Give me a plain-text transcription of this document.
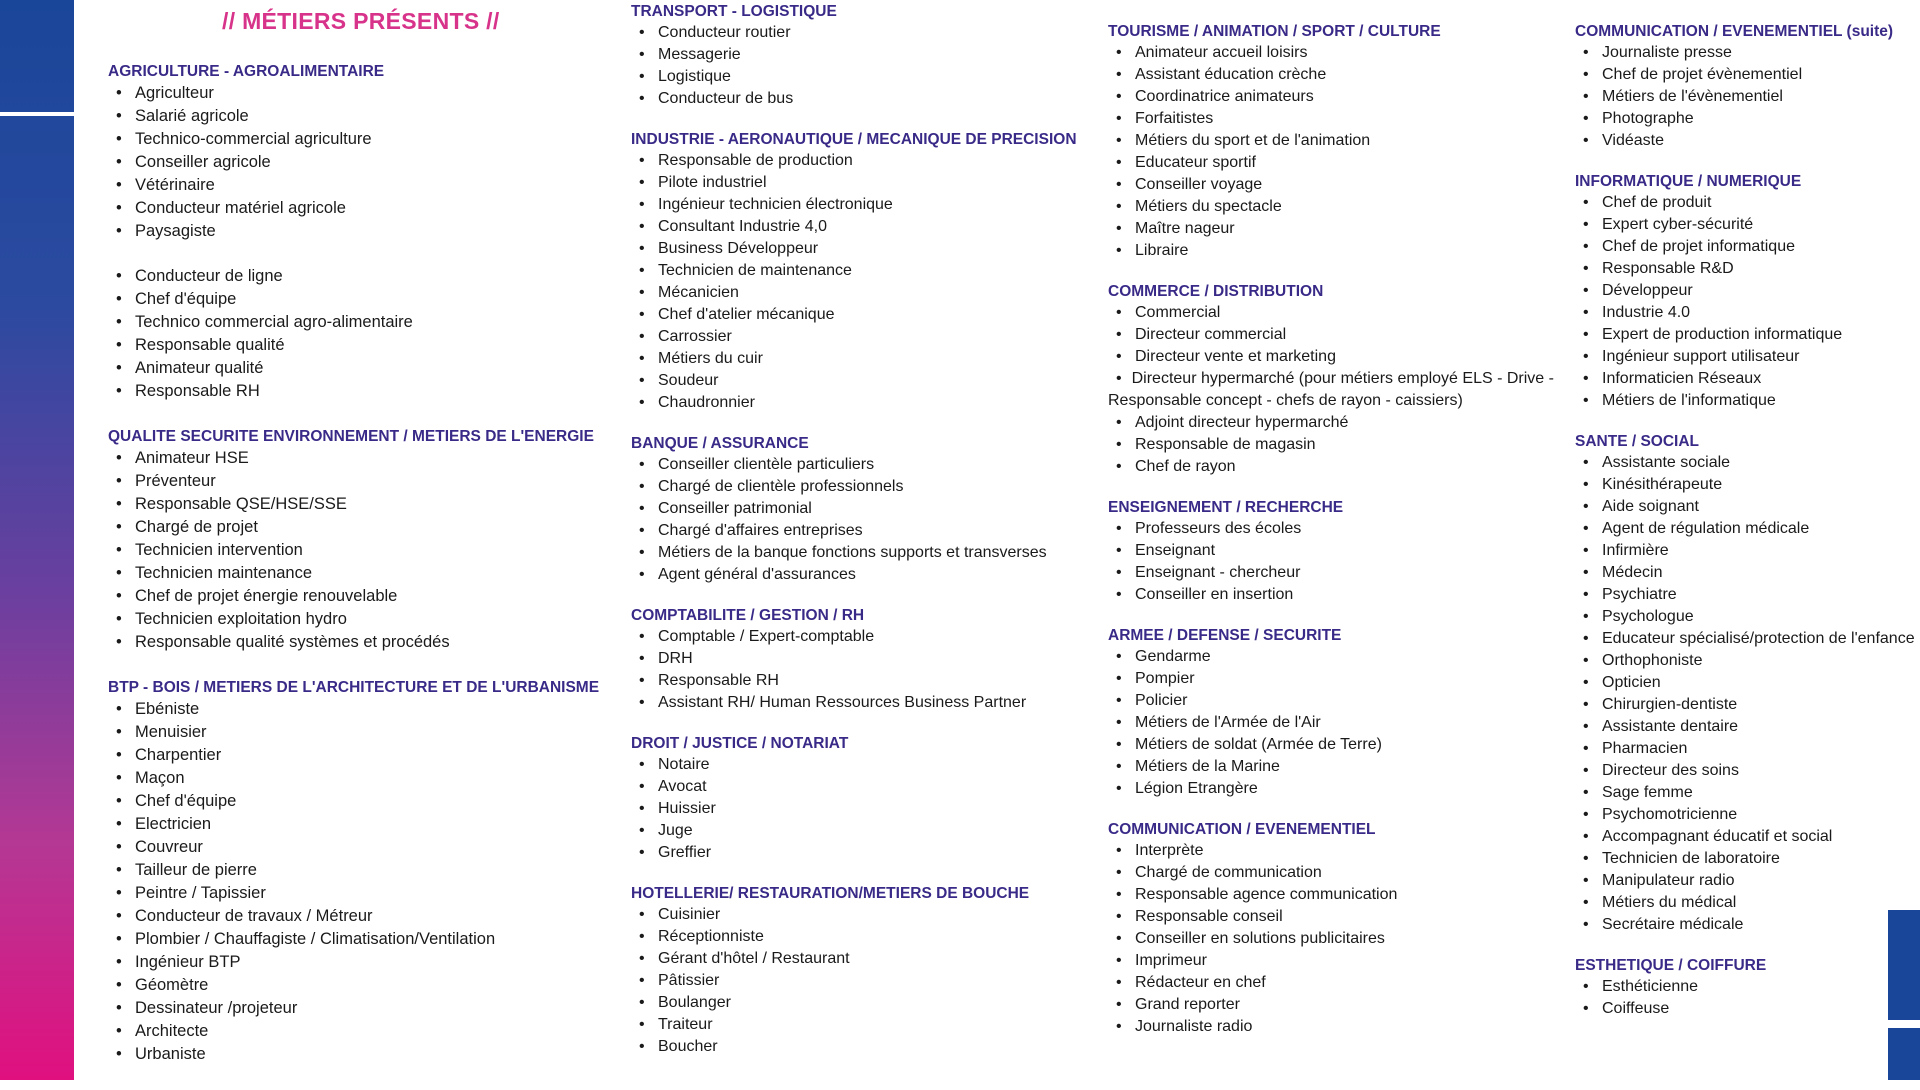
// MÉTIERS PRÉSENTS //
AGRICULTURE - AGROALIMENTAIRE
• Agriculteur
• Salarié agricole
• Technico-commercial agriculture
• Conseiller agricole
• Vétérinaire
• Conducteur matériel agricole
• Paysagiste
• Conducteur de ligne
• Chef d'équipe
• Technico commercial agro-alimentaire
• Responsable qualité
• Animateur qualité
• Responsable RH
QUALITE SECURITE ENVIRONNEMENT / METIERS DE L'ENERGIE
• Animateur HSE
• Préventeur
• Responsable QSE/HSE/SSE
• Chargé de projet
• Technicien intervention
• Technicien maintenance
• Chef de projet énergie renouvelable
• Technicien exploitation hydro
• Responsable qualité systèmes et procédés
BTP - BOIS / METIERS DE L'ARCHITECTURE ET DE L'URBANISME
• Ebéniste
• Menuisier
• Charpentier
• Maçon
• Chef d'équipe
• Electricien
• Couvreur
• Tailleur de pierre
• Peintre / Tapissier
• Conducteur de travaux / Métreur
• Plombier / Chauffagiste / Climatisation/Ventilation
• Ingénieur BTP
• Géomètre
• Dessinateur /projeteur
• Architecte
• Urbaniste
TRANSPORT - LOGISTIQUE
• Conducteur routier
• Messagerie
• Logistique
• Conducteur de bus
INDUSTRIE - AERONAUTIQUE / MECANIQUE DE PRECISION
• Responsable de production
• Pilote industriel
• Ingénieur technicien électronique
• Consultant Industrie 4,0
• Business Développeur
• Technicien de maintenance
• Mécanicien
• Chef d'atelier mécanique
• Carrossier
• Métiers du cuir
• Soudeur
• Chaudronnier
BANQUE / ASSURANCE
• Conseiller clientèle particuliers
• Chargé de clientèle professionnels
• Conseiller patrimonial
• Chargé d'affaires entreprises
• Métiers de la banque fonctions supports et transverses
• Agent général d'assurances
COMPTABILITE / GESTION / RH
• Comptable / Expert-comptable
• DRH
• Responsable RH
• Assistant RH/ Human Ressources Business Partner
DROIT / JUSTICE / NOTARIAT
• Notaire
• Avocat
• Huissier
• Juge
• Greffier
HOTELLERIE/ RESTAURATION/METIERS DE BOUCHE
• Cuisinier
• Réceptionniste
• Gérant d'hôtel / Restaurant
• Pâtissier
• Boulanger
• Traiteur
• Boucher
TOURISME / ANIMATION / SPORT / CULTURE
• Animateur accueil loisirs
• Assistant éducation crèche
• Coordinatrice animateurs
• Forfaitistes
• Métiers du sport et de l'animation
• Educateur sportif
• Conseiller voyage
• Métiers du spectacle
• Maître nageur
• Libraire
COMMERCE / DISTRIBUTION
• Commercial
• Directeur commercial
• Directeur vente et marketing
• Directeur hypermarché (pour métiers employé ELS - Drive - Responsable concept - chefs de rayon - caissiers)
• Adjoint directeur hypermarché
• Responsable de magasin
• Chef de rayon
ENSEIGNEMENT / RECHERCHE
• Professeurs des écoles
• Enseignant
• Enseignant - chercheur
• Conseiller en insertion
ARMEE / DEFENSE / SECURITE
• Gendarme
• Pompier
• Policier
• Métiers de l'Armée de l'Air
• Métiers de soldat (Armée de Terre)
• Métiers de la Marine
• Légion Etrangère
COMMUNICATION / EVENEMENTIEL
• Interprète
• Chargé de communication
• Responsable agence communication
• Responsable conseil
• Conseiller en solutions publicitaires
• Imprimeur
• Rédacteur en chef
• Grand reporter
• Journaliste radio
COMMUNICATION / EVENEMENTIEL (suite)
• Journaliste presse
• Chef de projet évènementiel
• Métiers de l'évènementiel
• Photographe
• Vidéaste
INFORMATIQUE / NUMERIQUE
• Chef de produit
• Expert cyber-sécurité
• Chef de projet informatique
• Responsable R&D
• Développeur
• Industrie 4.0
• Expert de production informatique
• Ingénieur support utilisateur
• Informaticien Réseaux
• Métiers de l'informatique
SANTE / SOCIAL
• Assistante sociale
• Kinésithérapeute
• Aide soignant
• Agent de régulation médicale
• Infirmière
• Médecin
• Psychiatre
• Psychologue
• Educateur spécialisé/protection de l'enfance
• Orthophoniste
• Opticien
• Chirurgien-dentiste
• Assistante dentaire
• Pharmacien
• Directeur des soins
• Sage femme
• Psychomotricienne
• Accompagnant éducatif et social
• Technicien de laboratoire
• Manipulateur radio
• Métiers du médical
• Secrétaire médicale
ESTHETIQUE / COIFFURE
• Esthéticienne
• Coiffeuse
